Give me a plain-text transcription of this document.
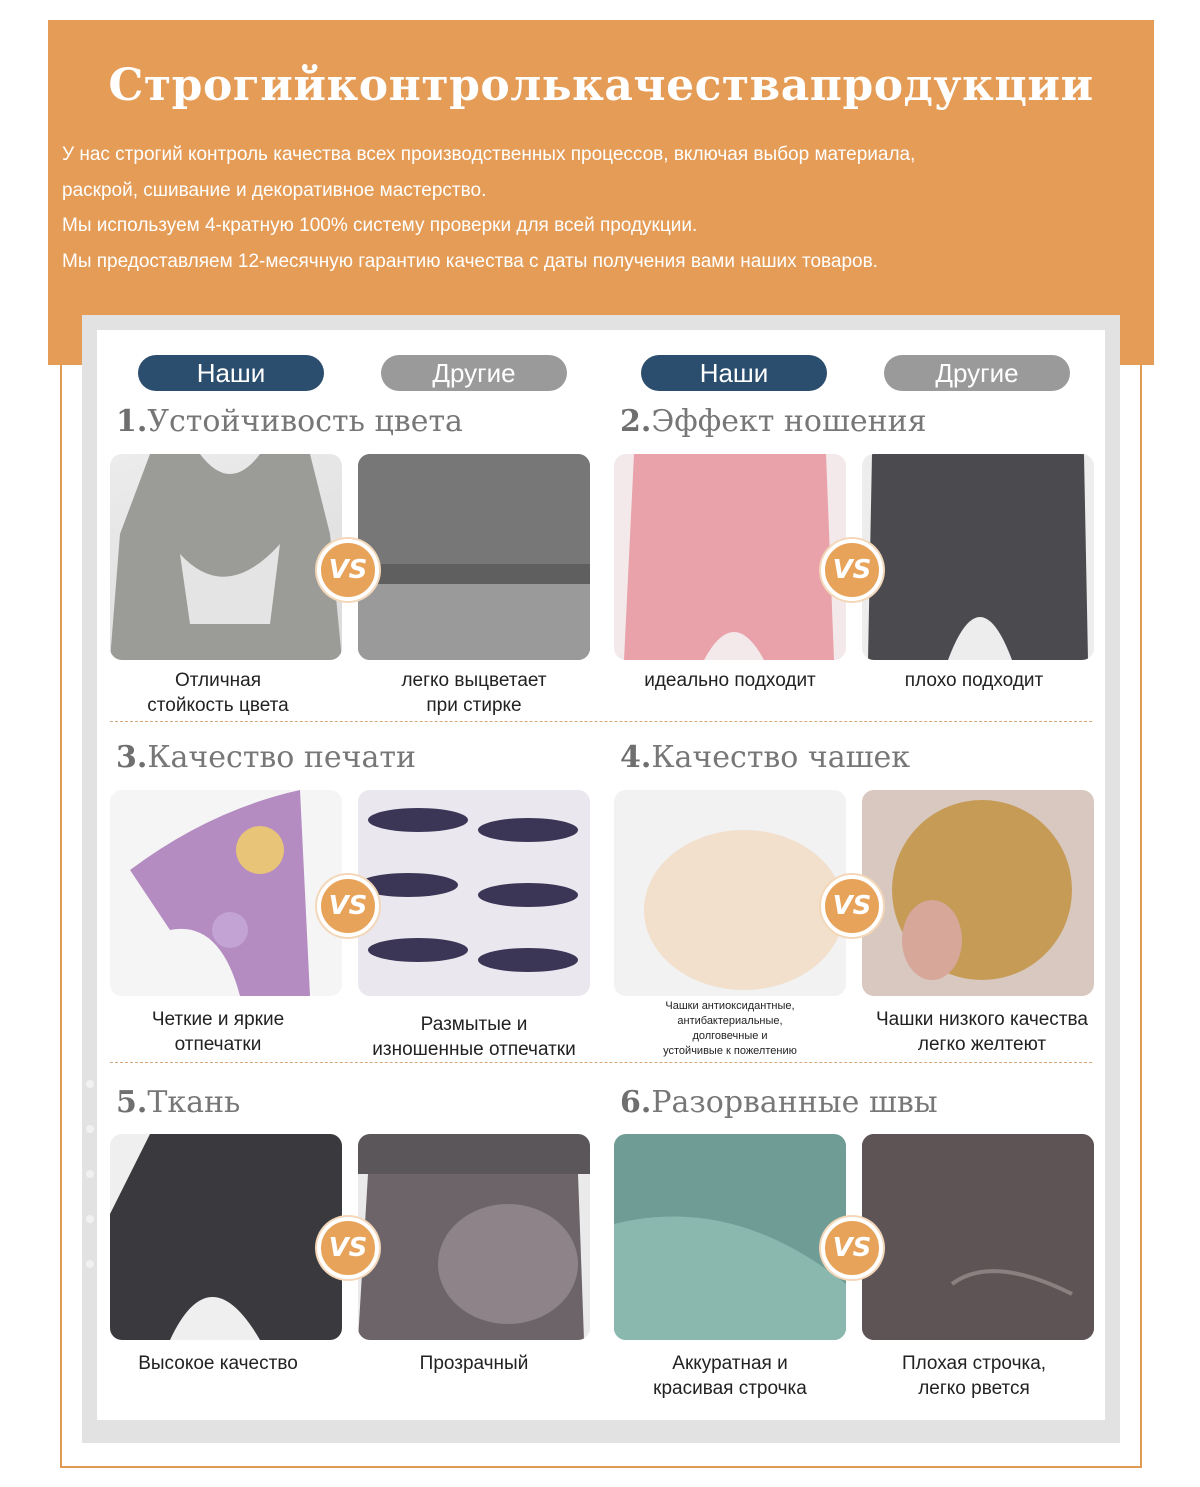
Строгийконтролькачествапродукции
У нас строгий контроль качества всех производственных процессов, включая выбор материала,
раскрой, сшивание и декоративное мастерство.
Мы используем 4-кратную 100% систему проверки для всей продукции.
Мы предоставляем 12-месячную гарантию качества с даты получения вами наших товаров.
Наши	Другие	Наши	Другие
1.Устойчивость цвета	2.Эффект ношения
3.Качество печати	4.Качество чашек
5.Ткань	6.Разорванные швы
VS	VS
VS	VS
VS	VS
Отличная
стойкость цвета
легко выцветает
при стирке
идеально подходит	плохо подходит
Четкие и яркие
отпечатки
Размытые и
изношенные отпечатки
Чашки антиоксидантные,
антибактериальные,
долговечные и
устойчивые к пожелтению
Чашки низкого качества
легко желтеют
Высокое качество	Прозрачный	Аккуратная и
красивая строчка
Плохая строчка,
легко рвется
